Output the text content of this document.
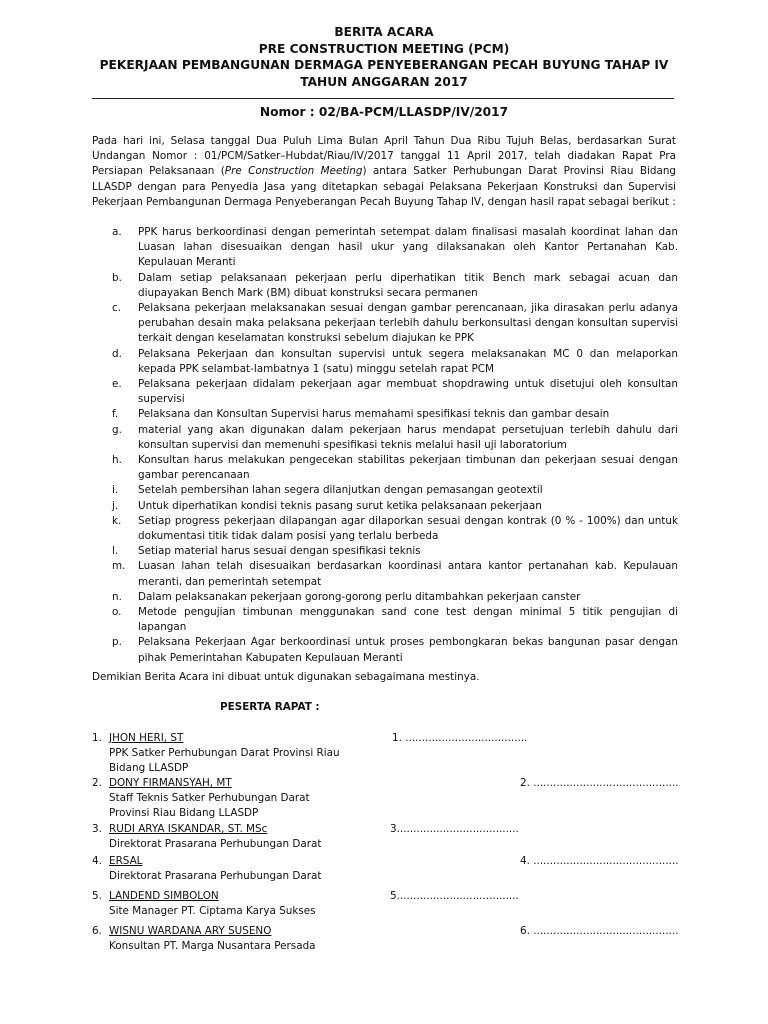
BERITA ACARA
PRE CONSTRUCTION MEETING (PCM)
PEKERJAAN PEMBANGUNAN DERMAGA PENYEBERANGAN PECAH BUYUNG TAHAP IV
TAHUN ANGGARAN 2017
Nomor : 02/BA-PCM/LLASDP/IV/2017
Pada hari ini, Selasa tanggal Dua Puluh Lima Bulan April Tahun Dua Ribu Tujuh Belas, berdasarkan Surat Undangan Nomor : 01/PCM/Satker–Hubdat/Riau/IV/2017 tanggal 11 April 2017, telah diadakan Rapat Pra Persiapan Pelaksanaan (Pre Construction Meeting) antara Satker Perhubungan Darat Provinsi Riau Bidang LLASDP dengan para Penyedia Jasa yang ditetapkan sebagai Pelaksana Pekerjaan Konstruksi dan Supervisi Pekerjaan Pembangunan Dermaga Penyeberangan Pecah Buyung Tahap IV, dengan hasil rapat sebagai berikut :
a.	PPK harus berkoordinasi dengan pemerintah setempat dalam finalisasi masalah koordinat lahan dan Luasan lahan disesuaikan dengan hasil ukur yang dilaksanakan oleh Kantor Pertanahan Kab. Kepulauan Meranti
b.	Dalam setiap pelaksanaan pekerjaan perlu diperhatikan titik Bench mark sebagai acuan dan diupayakan Bench Mark (BM) dibuat konstruksi secara permanen
c.	Pelaksana pekerjaan melaksanakan sesuai dengan gambar perencanaan, jika dirasakan perlu adanya perubahan desain maka pelaksana pekerjaan terlebih dahulu berkonsultasi dengan konsultan supervisi terkait dengan keselamatan konstruksi sebelum diajukan ke PPK
d.	Pelaksana Pekerjaan dan konsultan supervisi untuk segera melaksanakan MC 0 dan melaporkan kepada PPK selambat-lambatnya 1 (satu) minggu setelah rapat PCM
e.	Pelaksana pekerjaan didalam pekerjaan agar membuat shopdrawing untuk disetujui oleh konsultan supervisi
f.	Pelaksana dan Konsultan Supervisi harus memahami spesifikasi teknis dan gambar desain
g.	material yang akan digunakan dalam pekerjaan harus mendapat persetujuan terlebih dahulu dari konsultan supervisi dan memenuhi spesifikasi teknis melalui hasil uji laboratorium
h.	Konsultan harus melakukan pengecekan stabilitas pekerjaan timbunan dan pekerjaan sesuai dengan gambar perencanaan
i.	Setelah pembersihan lahan segera dilanjutkan dengan pemasangan geotextil
j.	Untuk diperhatikan kondisi teknis pasang surut ketika pelaksanaan pekerjaan
k.	Setiap progress pekerjaan dilapangan agar dilaporkan sesuai dengan kontrak (0 % - 100%) dan untuk dokumentasi titik tidak dalam posisi yang terlalu berbeda
l.	Setiap material harus sesuai dengan spesifikasi teknis
m.	Luasan lahan telah disesuaikan berdasarkan koordinasi antara kantor pertanahan kab. Kepulauan meranti, dan pemerintah setempat
n.	Dalam pelaksanakan pekerjaan gorong-gorong perlu ditambahkan pekerjaan canster
o.	Metode pengujian timbunan menggunakan sand cone test dengan minimal 5 titik pengujian di lapangan
p.	Pelaksana Pekerjaan Agar berkoordinasi untuk proses pembongkaran bekas bangunan pasar dengan pihak Pemerintahan Kabupaten Kepulauan Meranti
Demikian Berita Acara ini dibuat untuk digunakan sebagaimana mestinya.
PESERTA RAPAT :
1. JHON HERI, ST
PPK Satker Perhubungan Darat Provinsi Riau Bidang LLASDP
1. .....................................
2. DONY FIRMANSYAH, MT
Staff Teknis Satker Perhubungan Darat Provinsi Riau Bidang LLASDP
2. ............................................
3. RUDI ARYA ISKANDAR, ST. MSc
Direktorat Prasarana Perhubungan Darat
3.....................................
4. ERSAL
Direktorat Prasarana Perhubungan Darat
4. ............................................
5. LANDEND SIMBOLON
Site Manager PT. Ciptama Karya Sukses
5.....................................
6. WISNU WARDANA ARY SUSENO
Konsultan PT. Marga Nusantara Persada
6. ............................................
